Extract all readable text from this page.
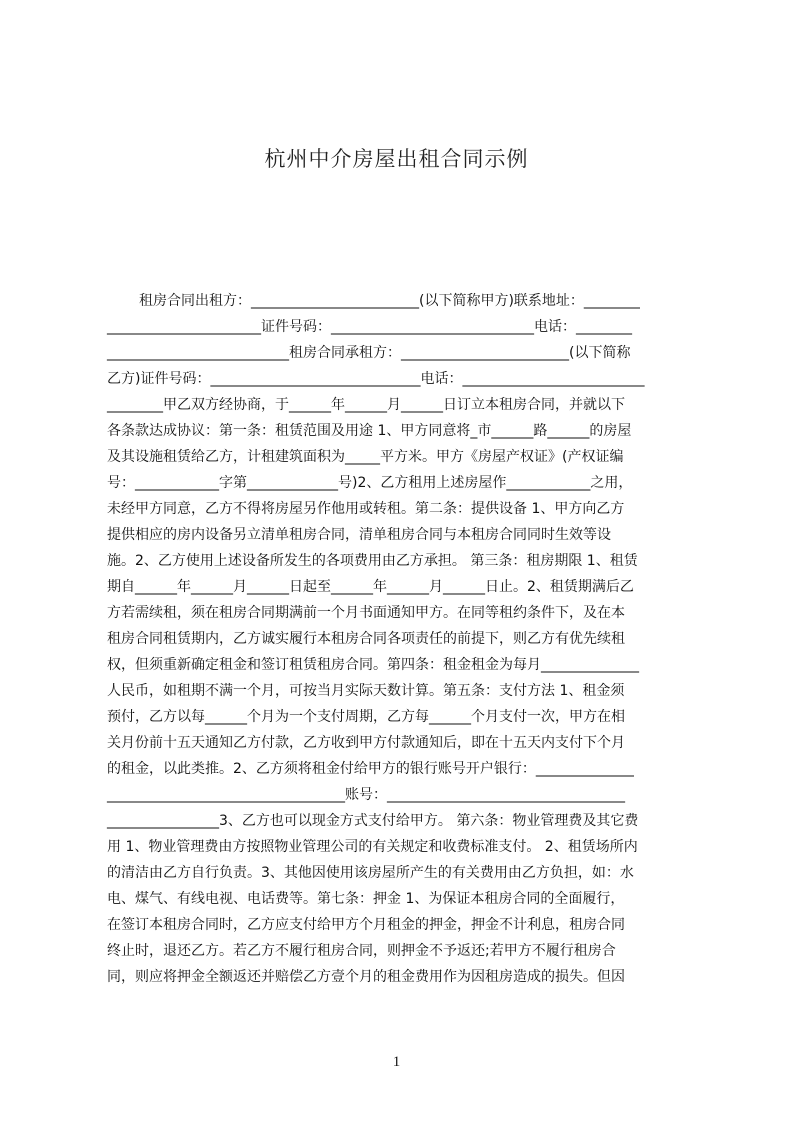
杭州中介房屋出租合同示例
租房合同出租方：________________________(以下简称甲方)联系地址：________
______________________证件号码：_____________________________电话：________
__________________________租房合同承租方：________________________(以下简称
乙方)证件号码：______________________________电话：__________________________
________甲乙双方经协商，于______年______月______日订立本租房合同，并就以下
各条款达成协议：第一条：租赁范围及用途 1、甲方同意将_市______路______的房屋
及其设施租赁给乙方，计租建筑面积为_____平方米。甲方《房屋产权证》(产权证编
号：____________字第_____________号)2、乙方租用上述房屋作____________之用，
未经甲方同意，乙方不得将房屋另作他用或转租。第二条：提供设备 1、甲方向乙方
提供相应的房内设备另立清单租房合同，清单租房合同与本租房合同同时生效等设
施。2、乙方使用上述设备所发生的各项费用由乙方承担。 第三条：租房期限 1、租赁
期自______年______月______日起至______年______月______日止。2、租赁期满后乙
方若需续租，须在租房合同期满前一个月书面通知甲方。在同等租约条件下，及在本
租房合同租赁期内，乙方诚实履行本租房合同各项责任的前提下，则乙方有优先续租
权，但须重新确定租金和签订租赁租房合同。第四条：租金租金为每月______________
人民币，如租期不满一个月，可按当月实际天数计算。第五条：支付方法 1、租金须
预付，乙方以每______个月为一个支付周期，乙方每______个月支付一次，甲方在相
关月份前十五天通知乙方付款，乙方收到甲方付款通知后，即在十五天内支付下个月
的租金，以此类推。2、乙方须将租金付给甲方的银行账号开户银行：______________
__________________________________账号：__________________________________
________________3、乙方也可以现金方式支付给甲方。 第六条：物业管理费及其它费
用 1、物业管理费由方按照物业管理公司的有关规定和收费标准支付。 2、租赁场所内
的清洁由乙方自行负责。3、其他因使用该房屋所产生的有关费用由乙方负担，如：水
电、煤气、有线电视、电话费等。第七条：押金 1、为保证本租房合同的全面履行，
在签订本租房合同时，乙方应支付给甲方个月租金的押金，押金不计利息，租房合同
终止时，退还乙方。若乙方不履行租房合同，则押金不予返还;若甲方不履行租房合
同，则应将押金全额返还并赔偿乙方壹个月的租金费用作为因租房造成的损失。但因
1
